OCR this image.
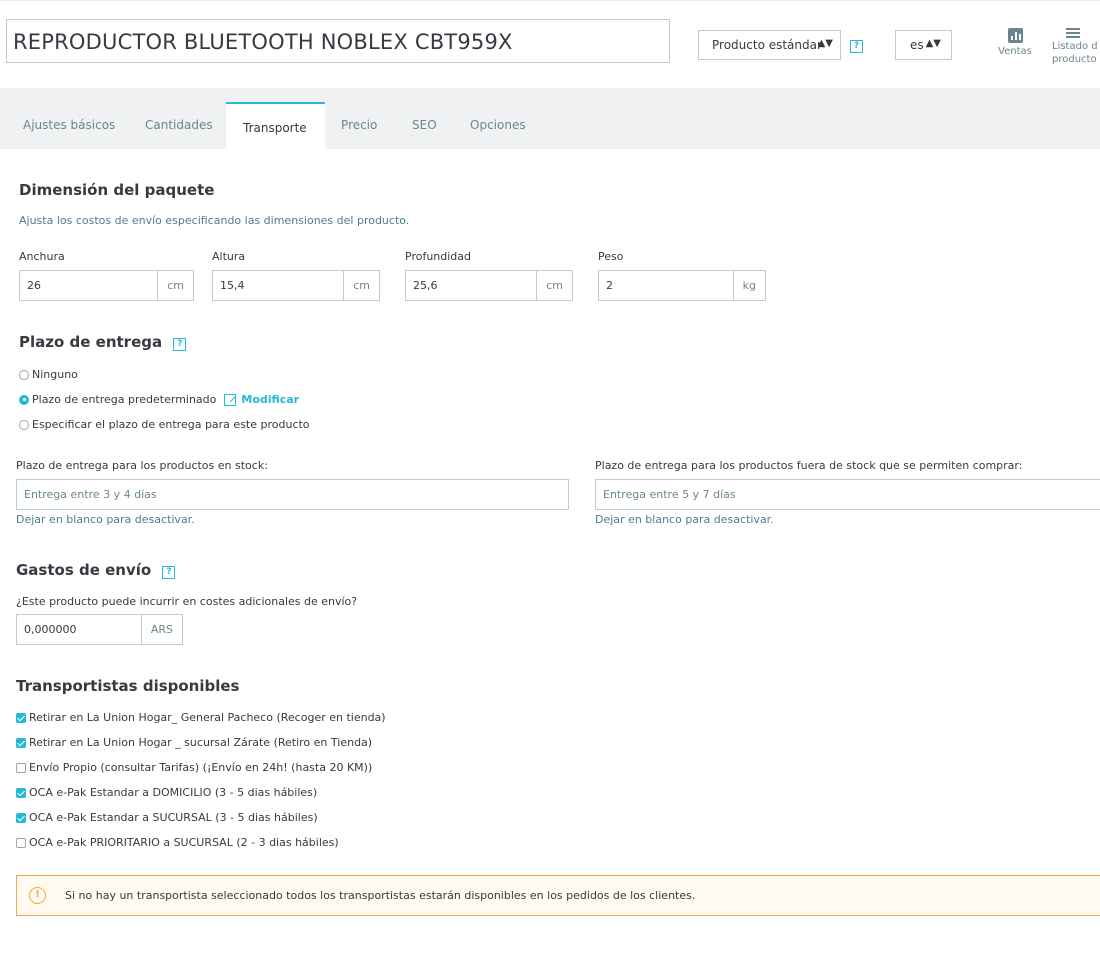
REPRODUCTOR BLUETOOTH NOBLEX CBT959X	Producto estándar
▲▼	?	es ▲▼
Ventas	Listado d
producto
Ajustes básicos Cantidades	Transporte	Precio	SEO	Opciones
Dimensión del paquete
Ajusta los costos de envío especificando las dimensiones del producto.
Anchura
26	cm
Altura
15,4	cm
Profundidad
25,6	cm
Peso
2	kg
Plazo de entrega ?
Ninguno
Plazo de entrega predeterminado Modificar
Especificar el plazo de entrega para este producto
Plazo de entrega para los productos en stock:
Entrega entre 3 y 4 días
Dejar en blanco para desactivar.
Plazo de entrega para los productos fuera de stock que se permiten comprar:
Entrega entre 5 y 7 días
Dejar en blanco para desactivar.
Gastos de envío ?
¿Este producto puede incurrir en costes adicionales de envío?
0,000000	ARS
Transportistas disponibles
Retirar en La Union Hogar_ General Pacheco (Recoger en tienda)
Retirar en La Union Hogar _ sucursal Zárate (Retiro en Tienda)
Envío Propio (consultar Tarifas) (¡Envío en 24h! (hasta 20 KM))
OCA e-Pak Estandar a DOMICILIO (3 - 5 dias hábiles)
OCA e-Pak Estandar a SUCURSAL (3 - 5 dias hábiles)
OCA e-Pak PRIORITARIO a SUCURSAL (2 - 3 dias hábiles)
!	Si no hay un transportista seleccionado todos los transportistas estarán disponibles en los pedidos de los clientes.
